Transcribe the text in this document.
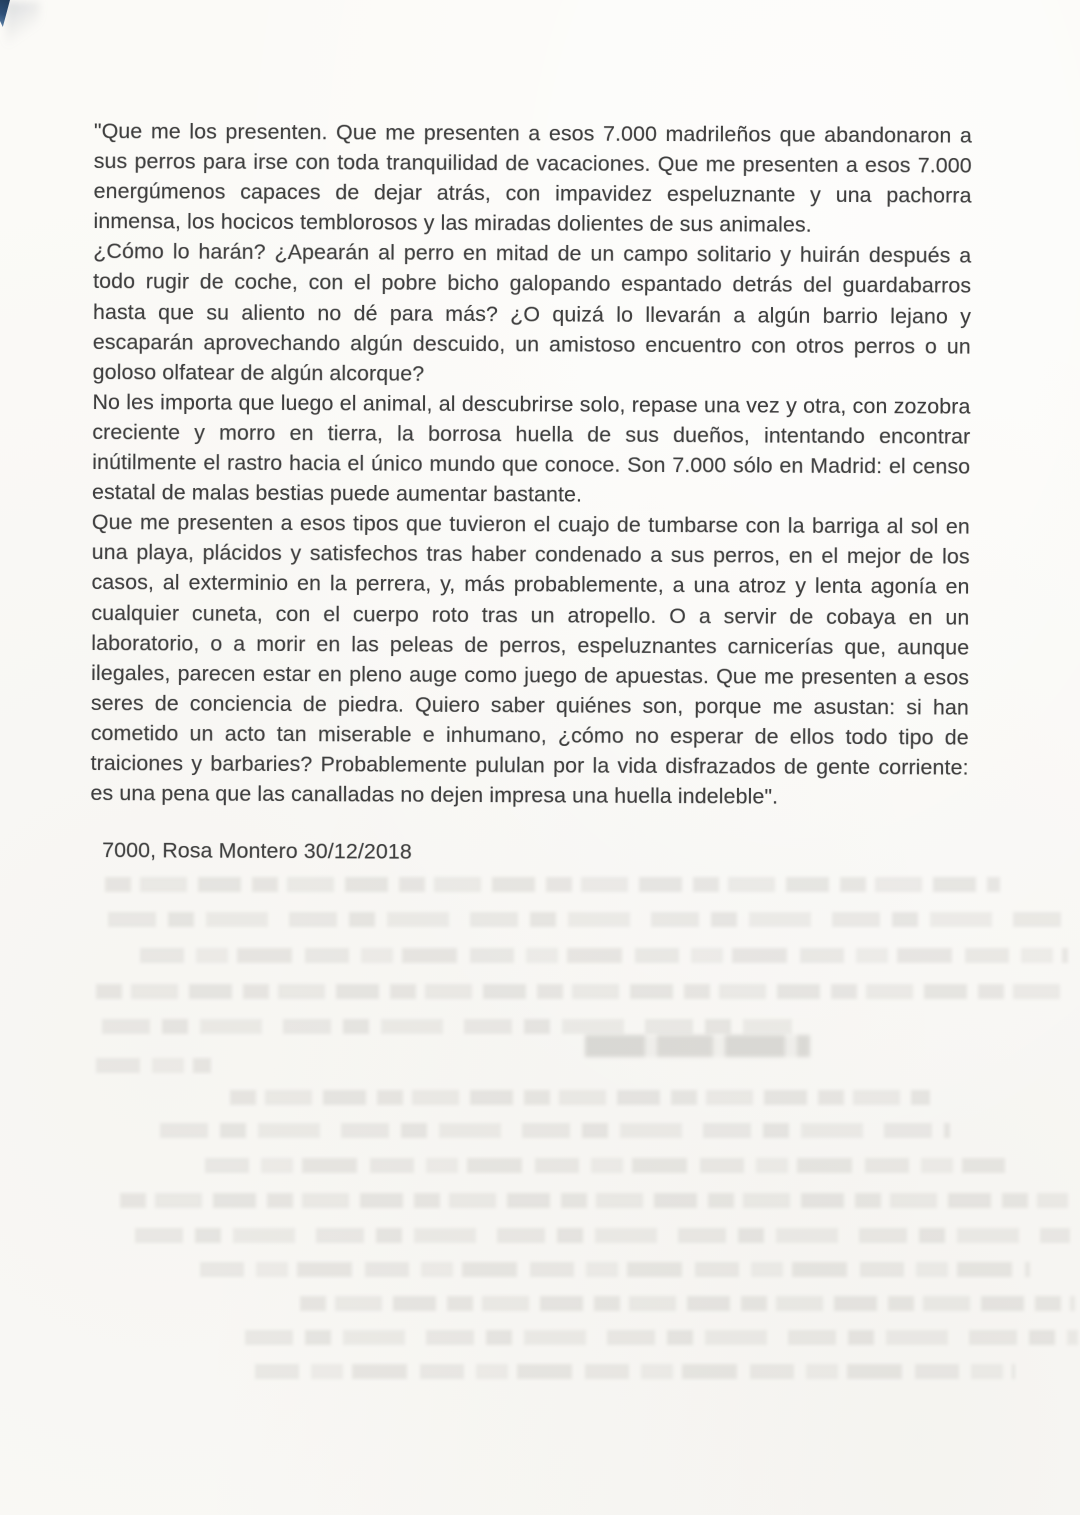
"Que me los presenten. Que me presenten a esos 7.000 madrileños que abandonaron a sus perros para irse con toda tranquilidad de vacaciones. Que me presenten a esos 7.000 energúmenos capaces de dejar atrás, con impavidez espeluznante y una pachorra inmensa, los hocicos temblorosos y las miradas dolientes de sus animales.

¿Cómo lo harán? ¿Apearán al perro en mitad de un campo solitario y huirán después a todo rugir de coche, con el pobre bicho galopando espantado detrás del guardabarros hasta que su aliento no dé para más? ¿O quizá lo llevarán a algún barrio lejano y escaparán aprovechando algún descuido, un amistoso encuentro con otros perros o un goloso olfatear de algún alcorque?

No les importa que luego el animal, al descubrirse solo, repase una vez y otra, con zozobra creciente y morro en tierra, la borrosa huella de sus dueños, intentando encontrar inútilmente el rastro hacia el único mundo que conoce. Son 7.000 sólo en Madrid: el censo estatal de malas bestias puede aumentar bastante.

Que me presenten a esos tipos que tuvieron el cuajo de tumbarse con la barriga al sol en una playa, plácidos y satisfechos tras haber condenado a sus perros, en el mejor de los casos, al exterminio en la perrera, y, más probablemente, a una atroz y lenta agonía en cualquier cuneta, con el cuerpo roto tras un atropello. O a servir de cobaya en un laboratorio, o a morir en las peleas de perros, espeluznantes carnicerías que, aunque ilegales, parecen estar en pleno auge como juego de apuestas. Que me presenten a esos seres de conciencia de piedra. Quiero saber quiénes son, porque me asustan: si han cometido un acto tan miserable e inhumano, ¿cómo no esperar de ellos todo tipo de traiciones y barbaries? Probablemente pululan por la vida disfrazados de gente corriente: es una pena que las canalladas no dejen impresa una huella indeleble".

7000, Rosa Montero 30/12/2018
